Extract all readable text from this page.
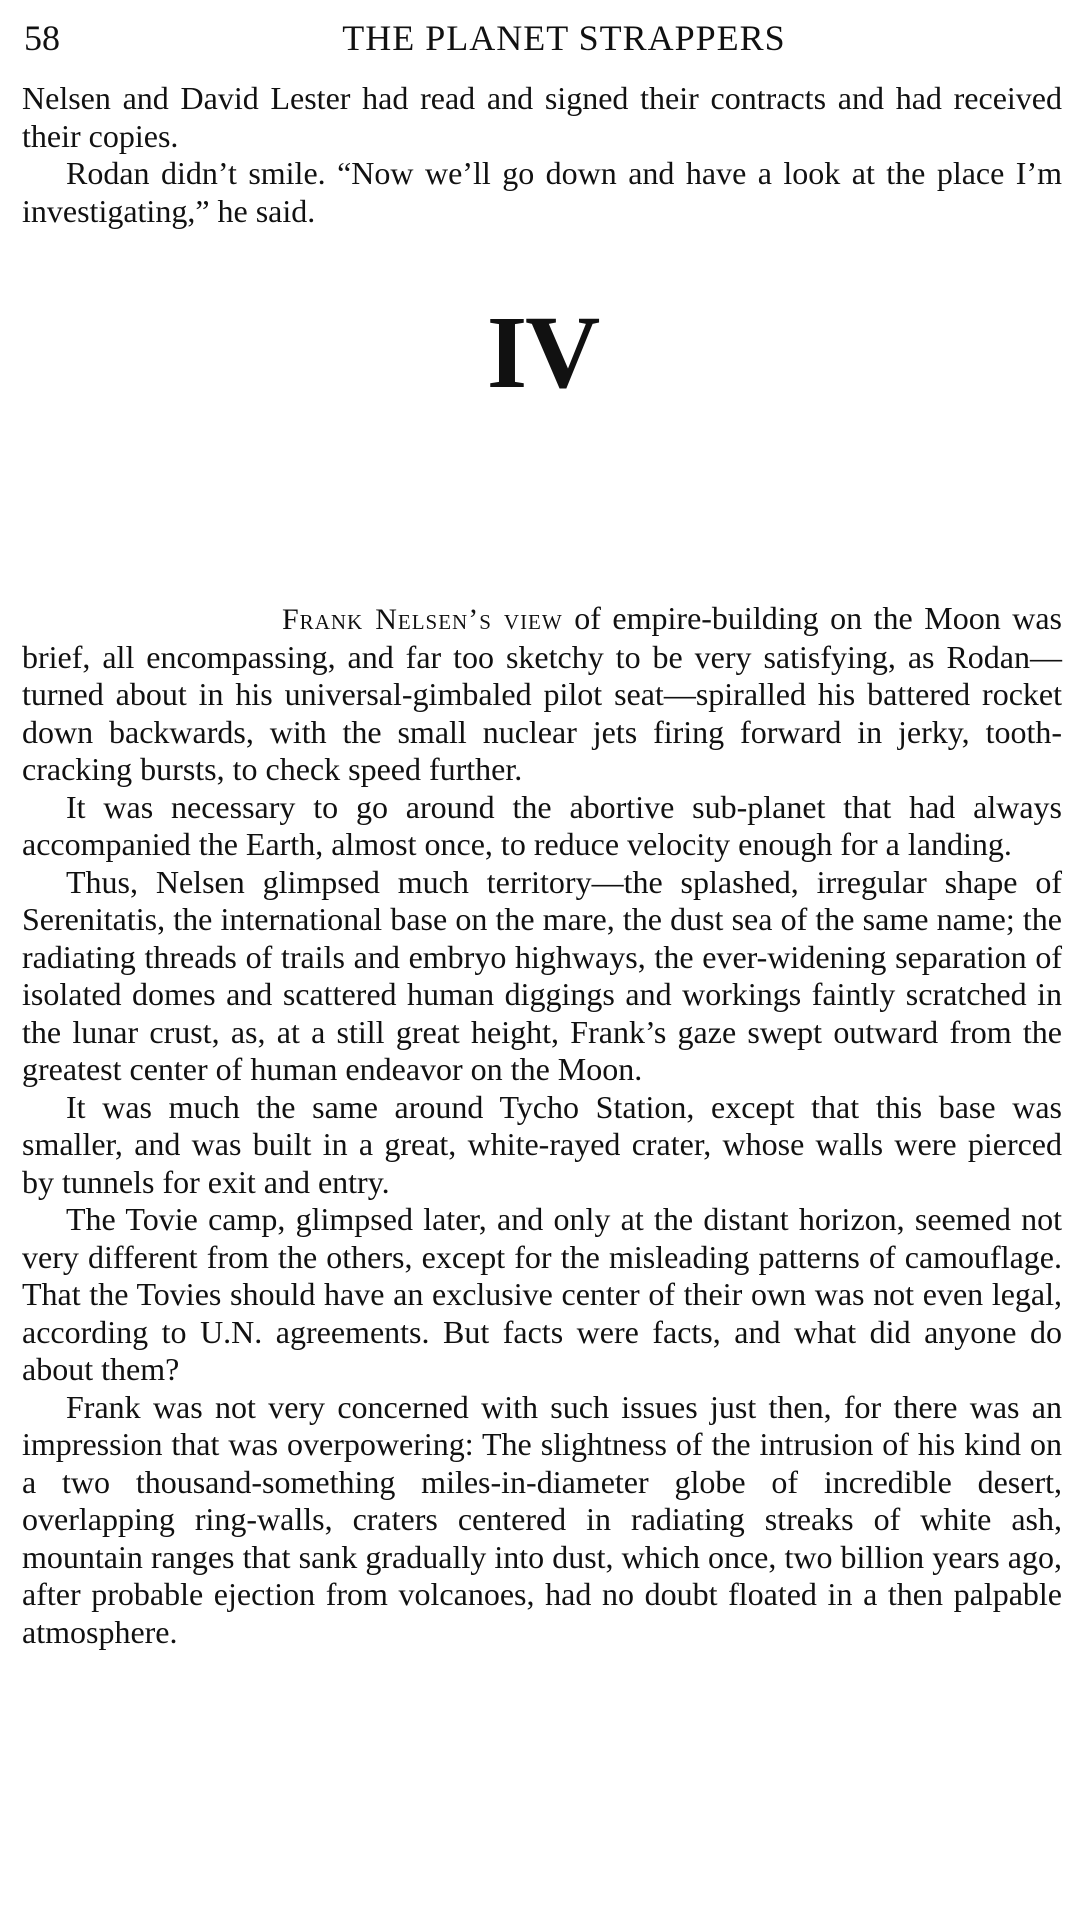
58	THE PLANET STRAPPERS

Nelsen and David Lester had read and signed their contracts and had received their copies.

Rodan didn’t smile. “Now we’ll go down and have a look at the place I’m investigating,” he said.

IV

Frank Nelsen’s view of empire-building on the Moon was brief, all encompassing, and far too sketchy to be very satisfying, as Rodan—turned about in his universal-gimbaled pilot seat—spiralled his battered rocket down backwards, with the small nuclear jets firing forward in jerky, tooth-cracking bursts, to check speed further.

It was necessary to go around the abortive sub-planet that had always accompanied the Earth, almost once, to reduce velocity enough for a landing.

Thus, Nelsen glimpsed much territory—the splashed, irregular shape of Serenitatis, the international base on the mare, the dust sea of the same name; the radiating threads of trails and embryo highways, the ever-widening separation of isolated domes and scattered human diggings and workings faintly scratched in the lunar crust, as, at a still great height, Frank’s gaze swept outward from the greatest center of human endeavor on the Moon.

It was much the same around Tycho Station, except that this base was smaller, and was built in a great, white-rayed crater, whose walls were pierced by tunnels for exit and entry.

The Tovie camp, glimpsed later, and only at the distant horizon, seemed not very different from the others, except for the misleading patterns of camouflage. That the Tovies should have an exclusive center of their own was not even legal, according to U.N. agreements. But facts were facts, and what did anyone do about them?

Frank was not very concerned with such issues just then, for there was an impression that was overpowering: The slightness of the intrusion of his kind on a two thousand-something miles-in-diameter globe of incredible desert, overlapping ring-walls, craters centered in radiating streaks of white ash, mountain ranges that sank gradually into dust, which once, two billion years ago, after probable ejection from volcanoes, had no doubt floated in a then palpable atmosphere.
